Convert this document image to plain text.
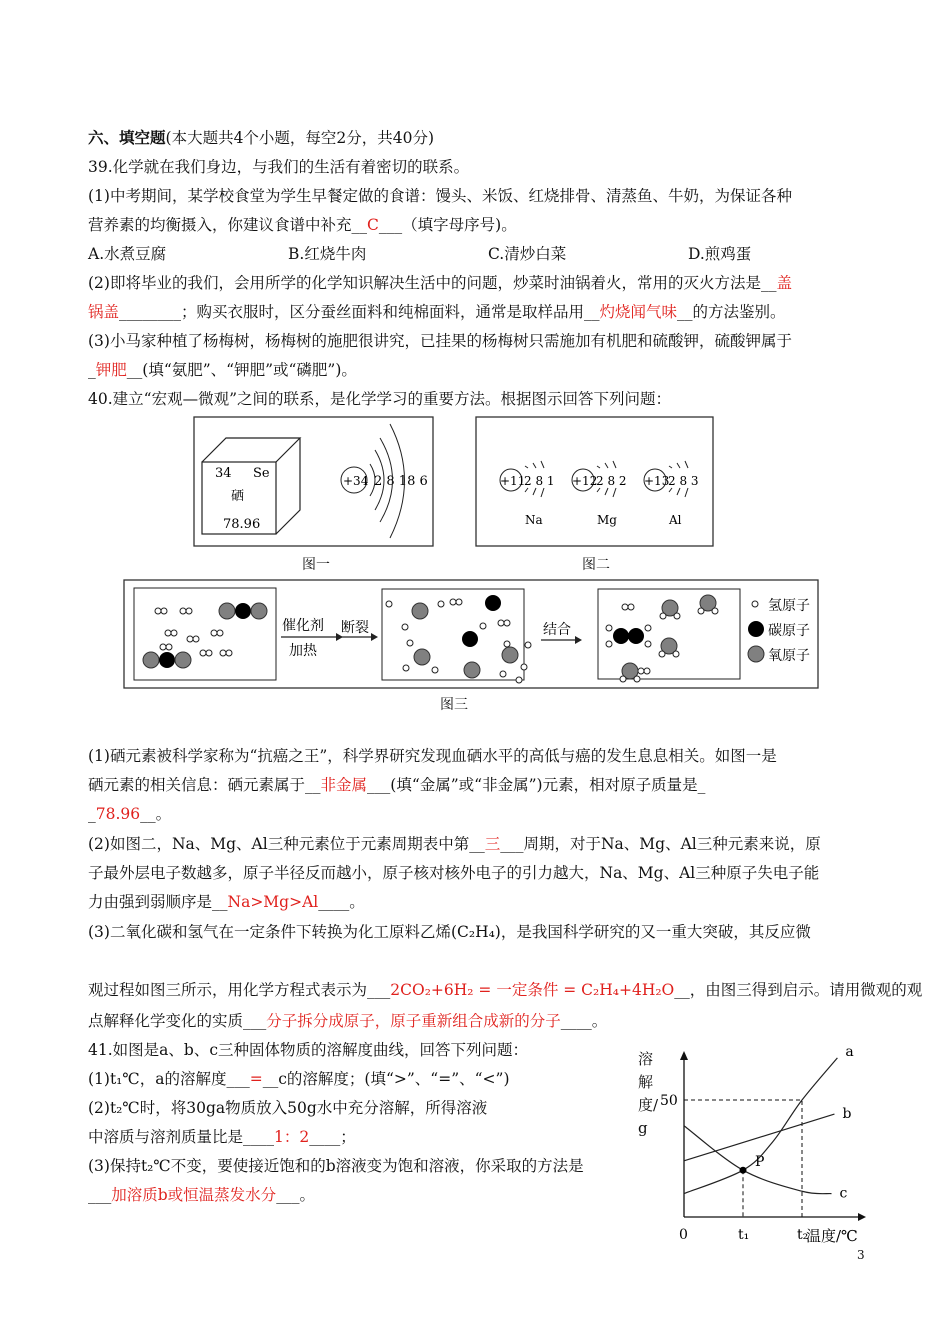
六、填空题(本大题共4个小题，每空2分，共40分)
39.化学就在我们身边，与我们的生活有着密切的联系。
(1)中考期间，某学校食堂为学生早餐定做的食谱：馒头、米饭、红烧排骨、清蒸鱼、牛奶，为保证各种
营养素的均衡摄入，你建议食谱中补充__C___（填字母序号)。
A.水煮豆腐	B.红烧牛肉	C.清炒白菜	D.煎鸡蛋
(2)即将毕业的我们，会用所学的化学知识解决生活中的问题，炒菜时油锅着火，常用的灭火方法是__盖
锅盖________；购买衣服时，区分蚕丝面料和纯棉面料，通常是取样品用__灼烧闻气味__的方法鉴别。
(3)小马家种植了杨梅树，杨梅树的施肥很讲究，已挂果的杨梅树只需施加有机肥和硫酸钾，硫酸钾属于
_钾肥__(填“氨肥”、“钾肥”或“磷肥”)。
40.建立“宏观—微观”之间的联系，是化学学习的重要方法。根据图示回答下列问题：
(1)硒元素被科学家称为“抗癌之王”，科学界研究发现血硒水平的高低与癌的发生息息相关。如图一是
硒元素的相关信息：硒元素属于__非金属___(填“金属”或“非金属”)元素，相对原子质量是_
_78.96__。
(2)如图二，Na、Mg、Al三种元素位于元素周期表中第__三___周期，对于Na、Mg、Al三种元素来说，原
子最外层电子数越多，原子半径反而越小，原子核对核外电子的引力越大，Na、Mg、Al三种原子失电子能
力由强到弱顺序是__Na>Mg>Al____。
(3)二氧化碳和氢气在一定条件下转换为化工原料乙烯(C₂H₄)，是我国科学研究的又一重大突破，其反应微
观过程如图三所示，用化学方程式表示为___2CO₂+6H₂ = 一定条件 = C₂H₄+4H₂O__，由图三得到启示。请用微观的观
点解释化学变化的实质___分子拆分成原子，原子重新组合成新的分子____。
41.如图是a、b、c三种固体物质的溶解度曲线，回答下列问题：
(1)t₁℃，a的溶解度___=__c的溶解度；(填“>”、“=”、“<”)
(2)t₂℃时，将30ga物质放入50g水中充分溶解，所得溶液
中溶质与溶剂质量比是____1：2____；
(3)保持t₂℃不变，要使接近饱和的b溶液变为饱和溶液，你采取的方法是
___加溶质b或恒温蒸发水分___。
34 Se
硒
78.96
+34 2 8 18 6
图一
+11
2 8 1
Na
+12
2 8 2
Mg
+13
2 8 3
Al
图二
催化剂
加热
断裂	结合
氢原子
碳原子
氧原子
图三
a
b
c
P
50
0	t₁	t₂
温度/℃
溶解度/g
3
